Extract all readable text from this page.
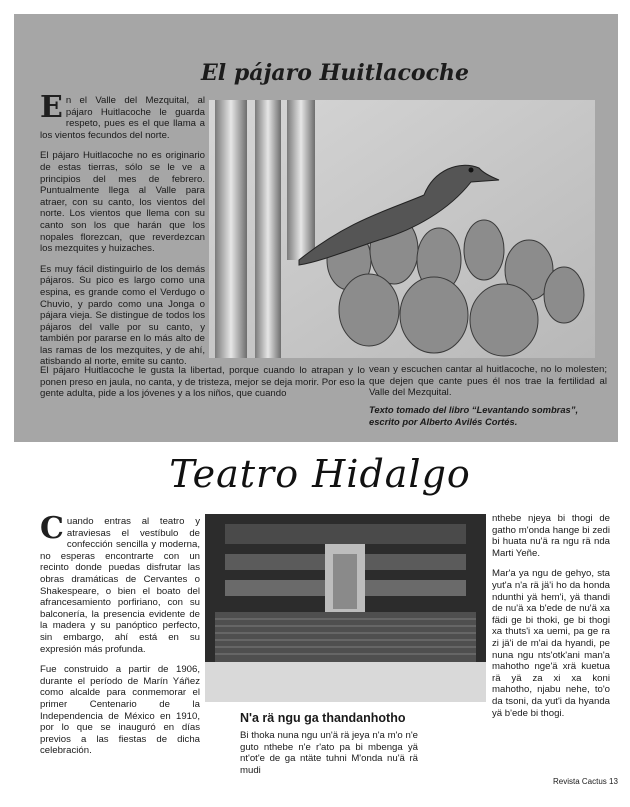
El pájaro Huitlacoche

En el Valle del Mezquital, al pájaro Huitlacoche le guarda respeto, pues es el que llama a los vientos fecundos del norte.

El pájaro Huitlacoche no es originario de estas tierras, sólo se le ve a principios del mes de febrero. Puntualmente llega al Valle para atraer, con su canto, los vientos del norte. Los vientos que llema con su canto son los que harán que los nopales florezcan, que reverdezcan los mezquites y huizaches.

Es muy fácil distinguirlo de los demás pájaros. Su pico es largo como una espina, es grande como el Verdugo o Chuvio, y pardo como una Jonga o pájara vieja. Se distingue de todos los pájaros del valle por su canto, y también por pararse en lo más alto de las ramas de los mezquites, y de ahí, atisbando al norte, emite su canto.

El pájaro Huitlacoche le gusta la libertad, porque cuando lo atrapan y lo ponen preso en jaula, no canta, y de tristeza, mejor se deja morir. Por eso la gente adulta, pide a los jóvenes y a los niños, que cuando

vean y escuchen cantar al huitlacoche, no lo molesten; que dejen que cante pues él nos trae la fertilidad al Valle del Mezquital.

Texto tomado del libro “Levantando sombras”, escrito por Alberto Avilés Cortés.

Teatro Hidalgo

Cuando entras al teatro y atraviesas el vestíbulo de confección sencilla y moderna, no esperas encontrarte con un recinto donde puedas disfrutar las obras dramáticas de Cervantes o Shakespeare, o bien el boato del afrancesamiento porfiriano, con su balconería, la presencia evidente de la madera y su panóptico perfecto, sin embargo, ahí está en su expresión más profunda.

Fue construido a partir de 1906, durante el período de Marín Yáñez como alcalde para conmemorar el primer Centenario de la Independencia de México en 1910, por lo que se inauguró en días previos a las fiestas de dicha celebración.

N'a rä ngu ga thandanhotho

Bi thoka nuna ngu un'ä rä jeya n'a m'o n'e guto nthebe n'e r'ato pa bi mbenga yä nt'ot'e de ga ntäte tuhni M'onda nu'ä rä mudi

nthebe njeya bi thogi de gatho m'onda hange bi zedi bi huata nu'ä ra ngu rä nda Marti Yeñe.

Mar'a ya ngu de gehyo, sta yut'a n'a rä jä'i ho da honda ndunthi yä hem'i, yä thandi de nu'ä xa b'ede de nu'ä xa fädi ge bi thoki, ge bi thogi xa thuts'i xa uemi, pa ge ra zi jä'i de m'ai da hyandi, pe nuna ngu nts'otk'ani man'a mahotho nge'ä xrä kuetua rä yä za xi xa koni mahotho, njabu nehe, to'o da tsoni, da yut'i da hyanda yä b'ede bi thogi.

Revista Cactus 13
